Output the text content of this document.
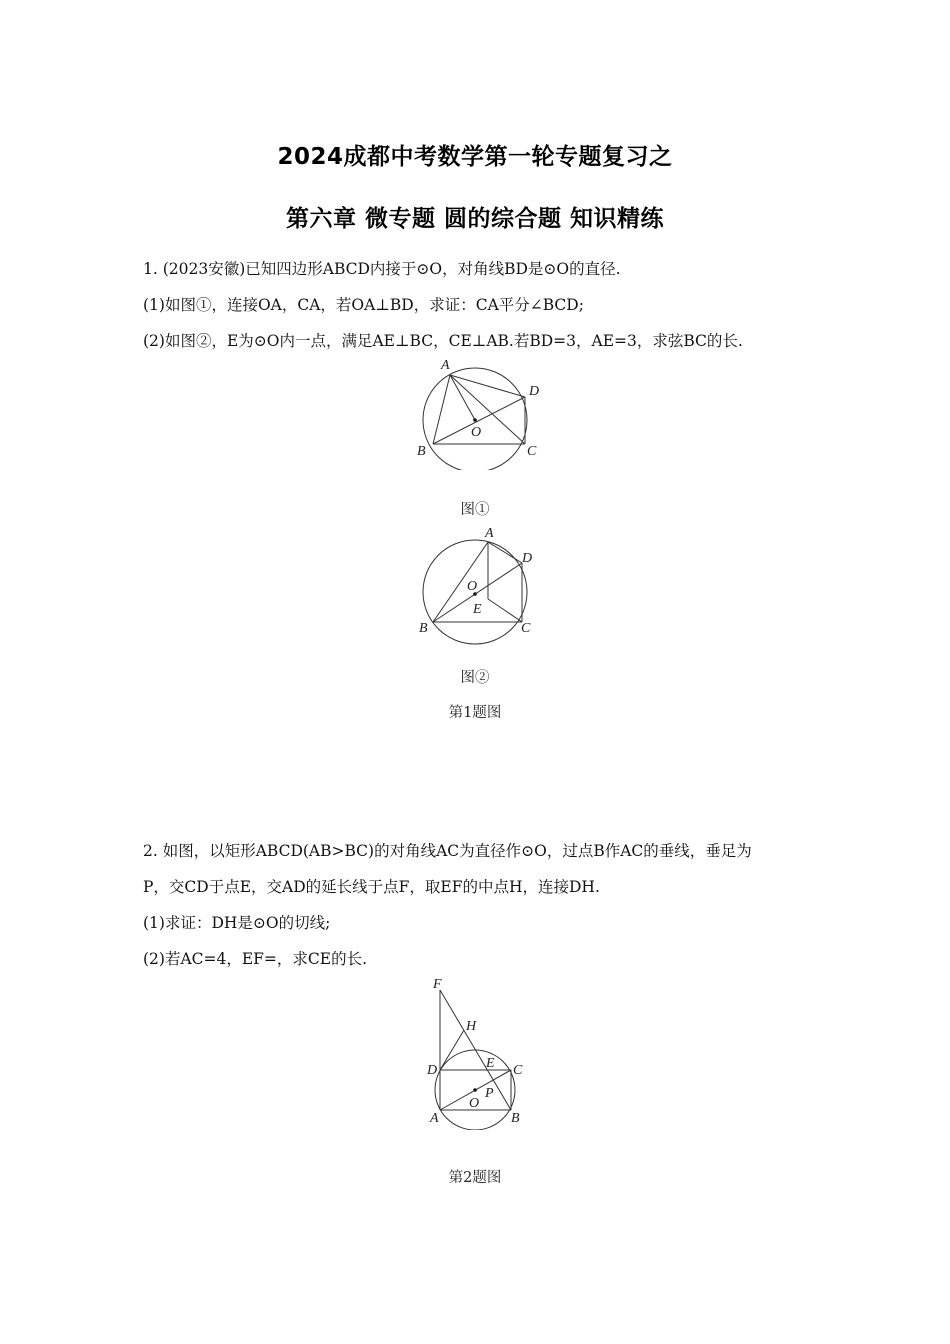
2024成都中考数学第一轮专题复习之
第六章 微专题 圆的综合题 知识精练
1. (2023安徽)已知四边形ABCD内接于⊙O，对角线BD是⊙O的直径.
(1)如图①，连接OA，CA，若OA⊥BD，求证：CA平分∠BCD;
(2)如图②，E为⊙O内一点，满足AE⊥BC，CE⊥AB.若BD=3，AE=3，求弦BC的长.
A
D
O
B	C
图①
A
D
O
E
B	C
图②
第1题图
2. 如图，以矩形ABCD(AB>BC)的对角线AC为直径作⊙O，过点B作AC的垂线，垂足为
P，交CD于点E，交AD的延长线于点F，取EF的中点H，连接DH.
(1)求证：DH是⊙O的切线;
(2)若AC=4，EF=，求CE的长.
F
H
D	E C
O
P
A	B
第2题图
